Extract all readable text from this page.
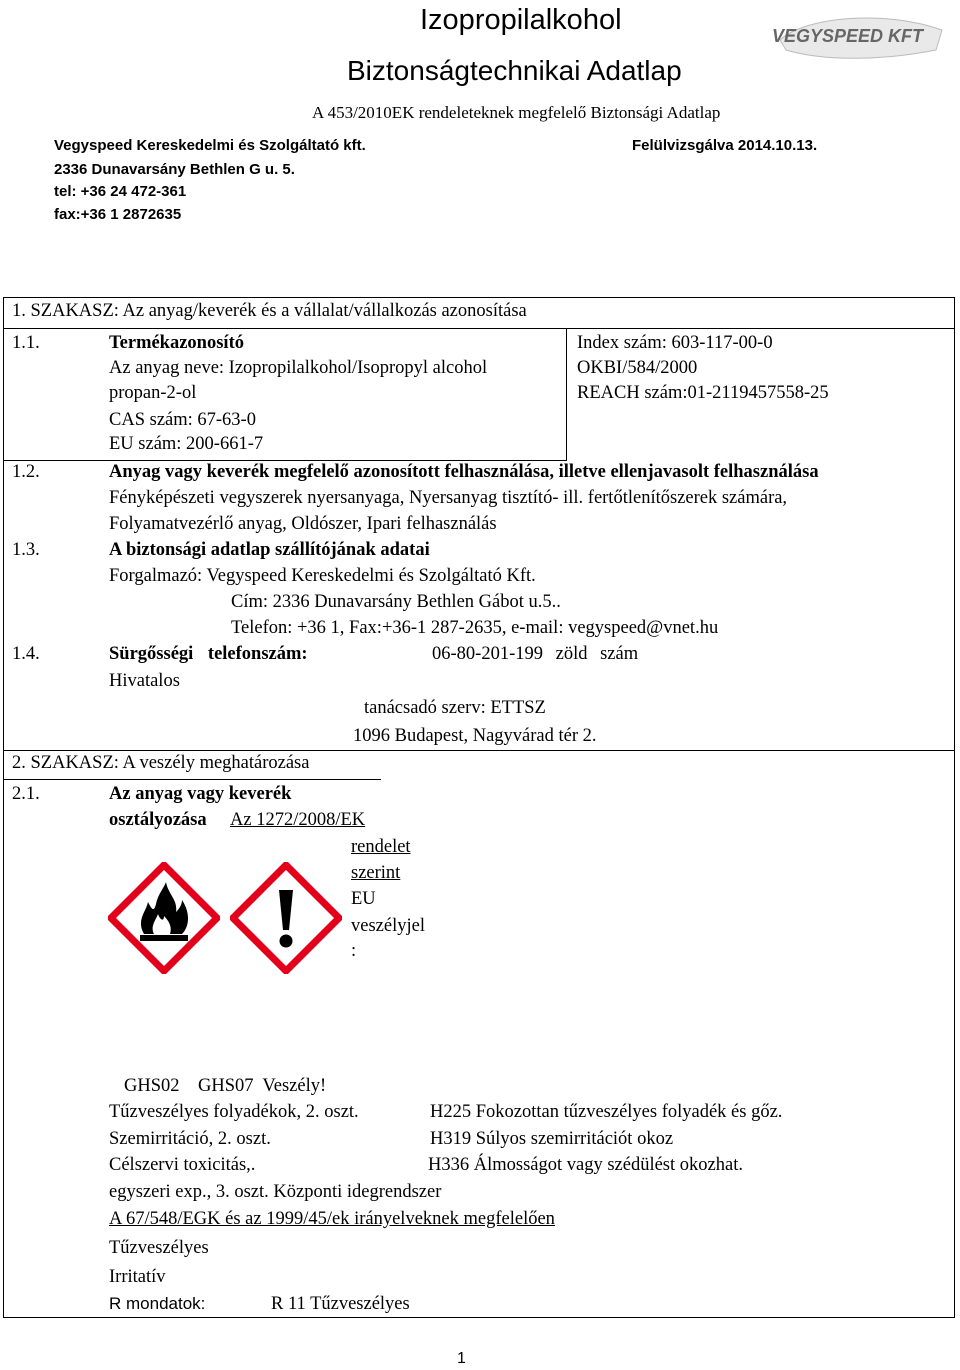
Izopropilalkohol
Biztonságtechnikai Adatlap
A 453/2010EK rendeleteknek megfelelő Biztonsági Adatlap
VEGYSPEED KFT
Vegyspeed Kereskedelmi és Szolgáltató kft.
2336 Dunavarsány Bethlen G u. 5.
tel: +36 24 472-361
fax:+36 1 2872635
Felülvizsgálva 2014.10.13.
1. SZAKASZ: Az anyag/keverék és a vállalat/vállalkozás azonosítása
1.1.	Termékazonosító
Az anyag neve: Izopropilalkohol/Isopropyl alcohol
propan-2-ol
CAS szám: 67-63-0
EU szám: 200-661-7
Index szám: 603-117-00-0
OKBI/584/2000
REACH szám:01-2119457558-25
1.2.	Anyag vagy keverék megfelelő azonosított felhasználása, illetve ellenjavasolt felhasználása
Fényképészeti vegyszerek nyersanyaga, Nyersanyag tisztító- ill. fertőtlenítőszerek számára,
Folyamatvezérlő anyag, Oldószer, Ipari felhasználás
1.3.	A biztonsági adatlap szállítójának adatai
Forgalmazó: Vegyspeed Kereskedelmi és Szolgáltató Kft.
Cím: 2336 Dunavarsány Bethlen Gábot u.5..
Telefon: +36 1, Fax:+36-1 287-2635, e-mail: vegyspeed@vnet.hu
1.4.	Sürgősségi telefonszám:	06-80-201-199 zöld szám
Hivatalos
tanácsadó szerv: ETTSZ
1096 Budapest, Nagyvárad tér 2.
2. SZAKASZ: A veszély meghatározása
2.1.	Az anyag vagy keverék
osztályozása Az 1272/2008/EK
rendelet
szerint
EU
veszélyjel
:
GHS02    GHS07  Veszély!
Tűzveszélyes folyadékok, 2. oszt.	H225 Fokozottan tűzveszélyes folyadék és gőz.
Szemirritáció, 2. oszt.	H319 Súlyos szemirritációt okoz
Célszervi toxicitás,.	H336 Álmosságot vagy szédülést okozhat.
egyszeri exp., 3. oszt. Központi idegrendszer
A 67/548/EGK és az 1999/45/ek irányelveknek megfelelően
Tűzveszélyes
Irritatív
R mondatok:	R 11 Tűzveszélyes
1
